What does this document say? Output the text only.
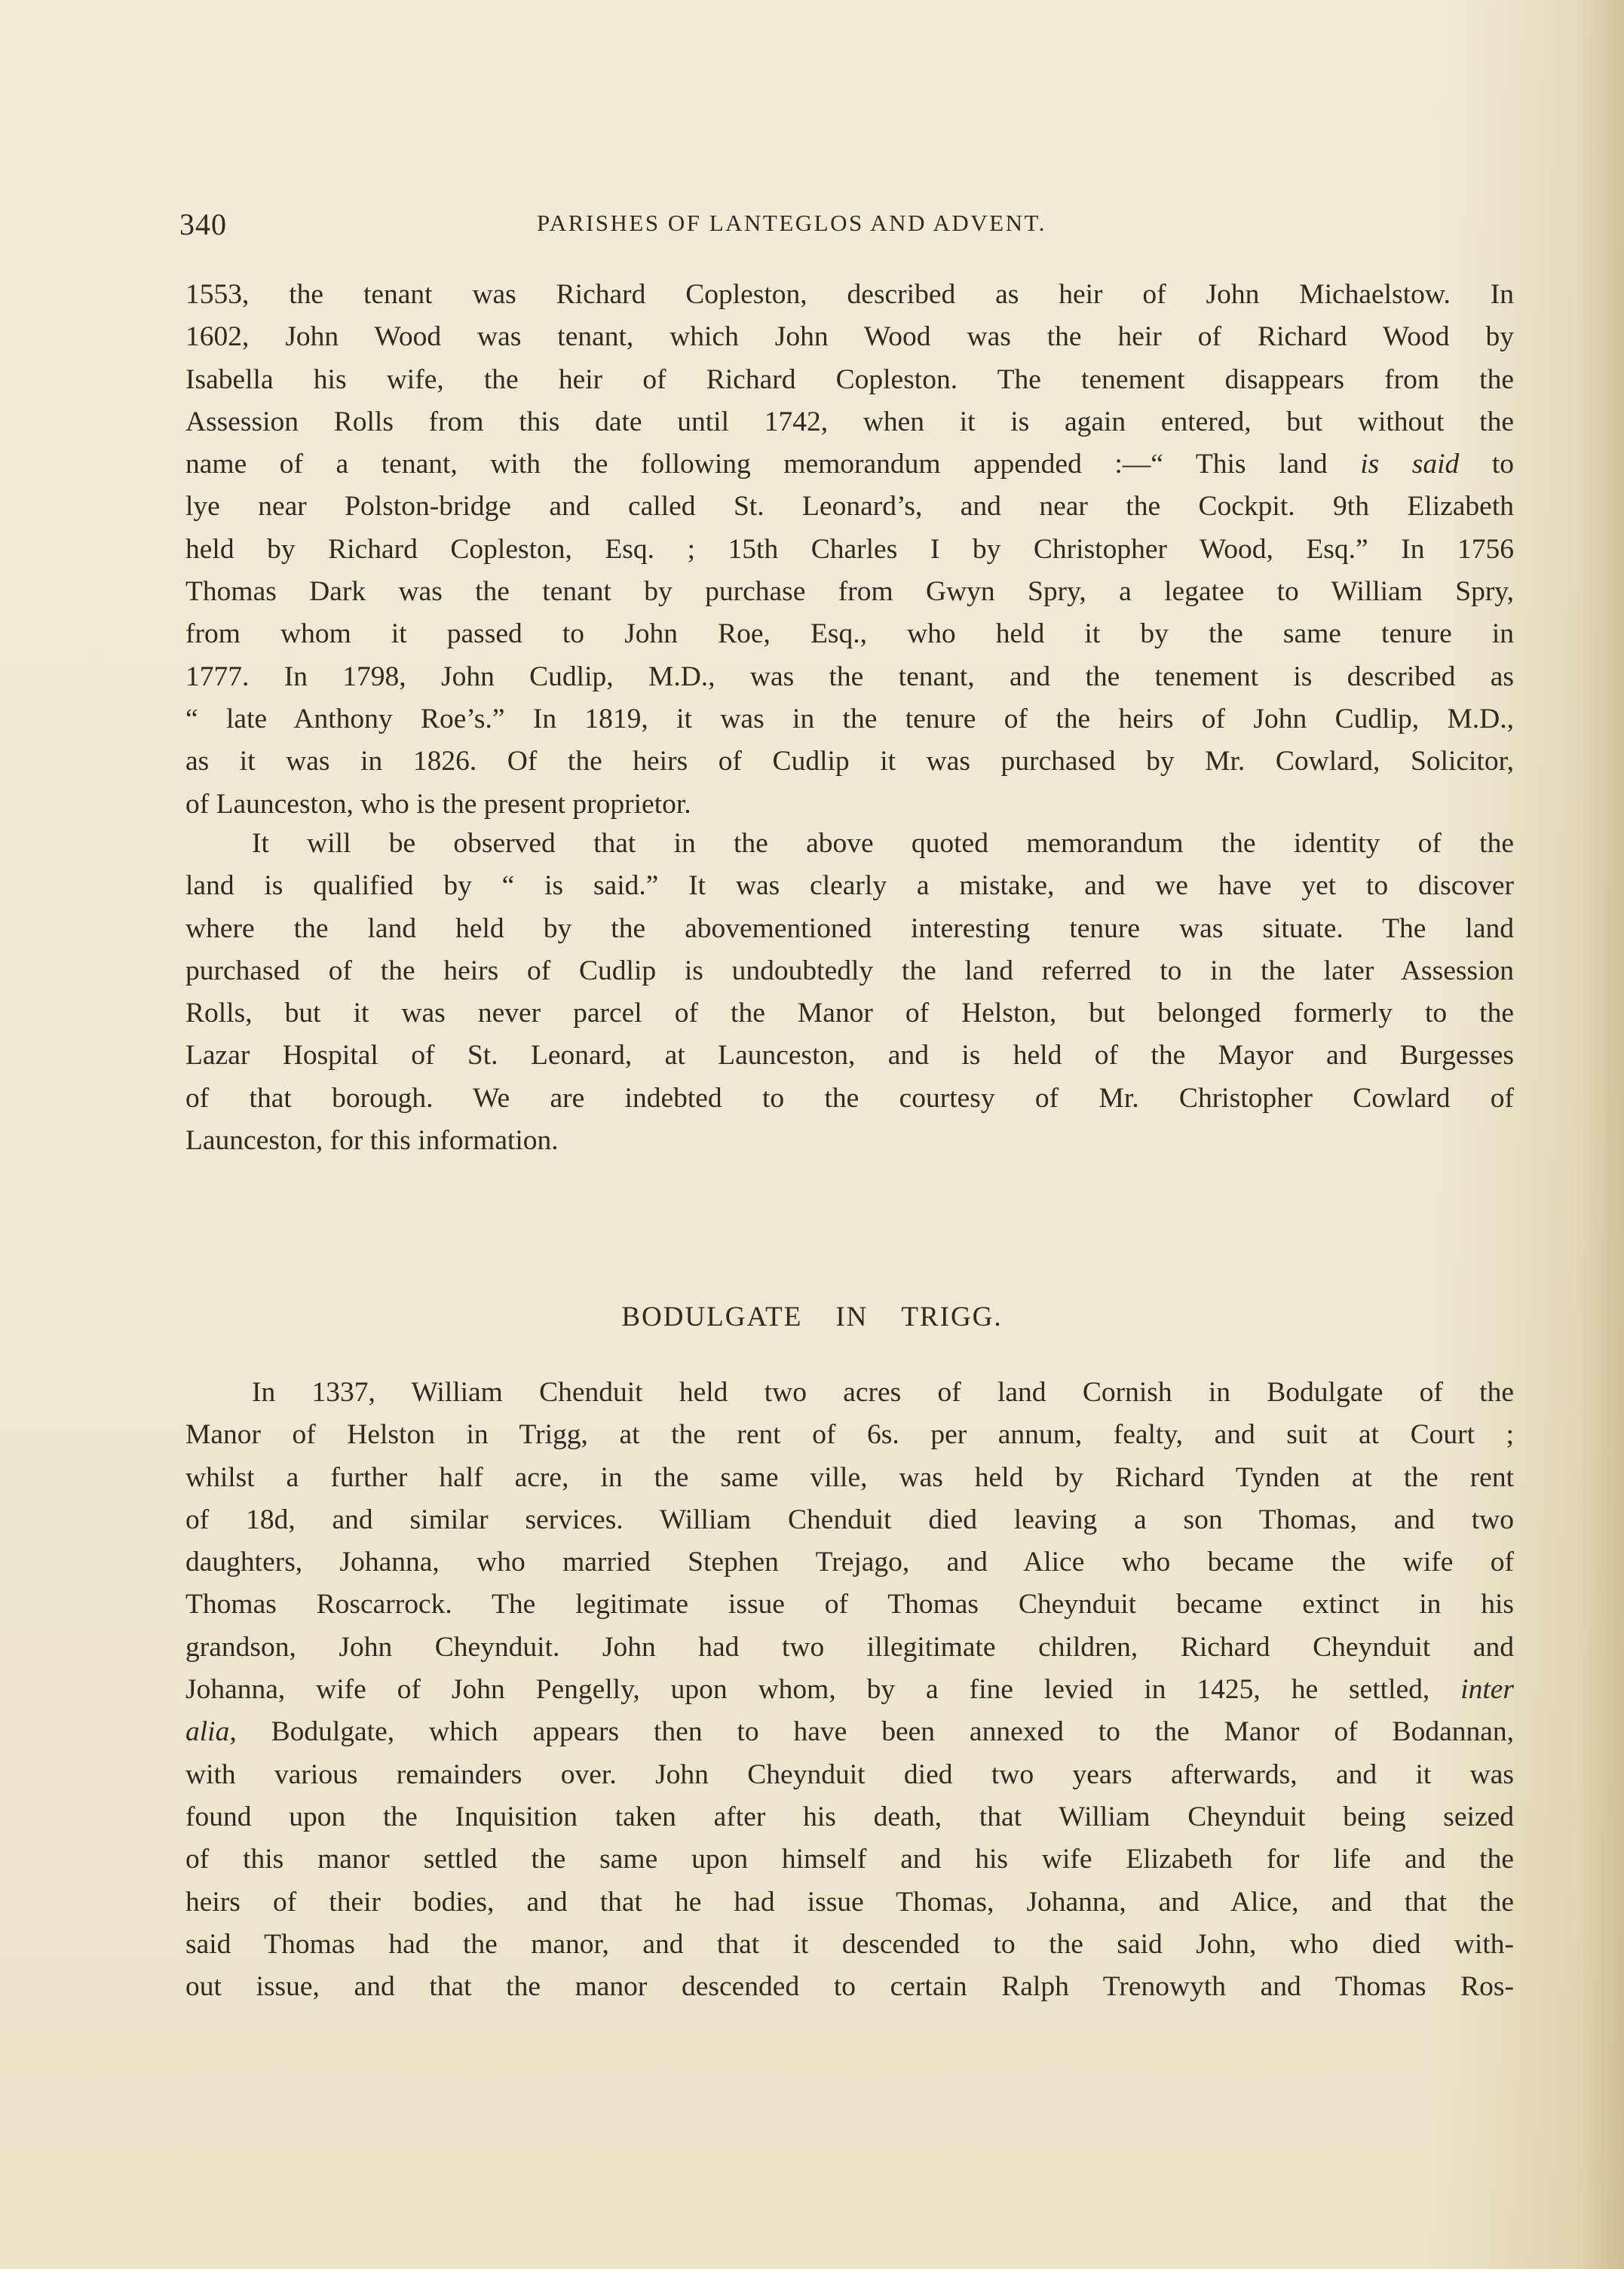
340	PARISHES OF LANTEGLOS AND ADVENT.
1553, the tenant was Richard Copleston, described as heir of John Michaelstow. In
1602, John Wood was tenant, which John Wood was the heir of Richard Wood by
Isabella his wife, the heir of Richard Copleston. The tenement disappears from the
Assession Rolls from this date until 1742, when it is again entered, but without the
name of a tenant, with the following memorandum appended :—“ This land is said to
lye near Polston-bridge and called St. Leonard’s, and near the Cockpit. 9th Elizabeth
held by Richard Copleston, Esq. ; 15th Charles I by Christopher Wood, Esq.” In 1756
Thomas Dark was the tenant by purchase from Gwyn Spry, a legatee to William Spry,
from whom it passed to John Roe, Esq., who held it by the same tenure in
1777. In 1798, John Cudlip, M.D., was the tenant, and the tenement is described as
“ late Anthony Roe’s.” In 1819, it was in the tenure of the heirs of John Cudlip, M.D.,
as it was in 1826. Of the heirs of Cudlip it was purchased by Mr. Cowlard, Solicitor,
of Launceston, who is the present proprietor.
It will be observed that in the above quoted memorandum the identity of the
land is qualified by “ is said.” It was clearly a mistake, and we have yet to discover
where the land held by the abovementioned interesting tenure was situate. The land
purchased of the heirs of Cudlip is undoubtedly the land referred to in the later Assession
Rolls, but it was never parcel of the Manor of Helston, but belonged formerly to the
Lazar Hospital of St. Leonard, at Launceston, and is held of the Mayor and Burgesses
of that borough. We are indebted to the courtesy of Mr. Christopher Cowlard of
Launceston, for this information.
BODULGATE IN TRIGG.
In 1337, William Chenduit held two acres of land Cornish in Bodulgate of the
Manor of Helston in Trigg, at the rent of 6s. per annum, fealty, and suit at Court ;
whilst a further half acre, in the same ville, was held by Richard Tynden at the rent
of 18d, and similar services. William Chenduit died leaving a son Thomas, and two
daughters, Johanna, who married Stephen Trejago, and Alice who became the wife of
Thomas Roscarrock. The legitimate issue of Thomas Cheynduit became extinct in his
grandson, John Cheynduit. John had two illegitimate children, Richard Cheynduit and
Johanna, wife of John Pengelly, upon whom, by a fine levied in 1425, he settled, inter
alia, Bodulgate, which appears then to have been annexed to the Manor of Bodannan,
with various remainders over. John Cheynduit died two years afterwards, and it was
found upon the Inquisition taken after his death, that William Cheynduit being seized
of this manor settled the same upon himself and his wife Elizabeth for life and the
heirs of their bodies, and that he had issue Thomas, Johanna, and Alice, and that the
said Thomas had the manor, and that it descended to the said John, who died with-
out issue, and that the manor descended to certain Ralph Trenowyth and Thomas Ros-
